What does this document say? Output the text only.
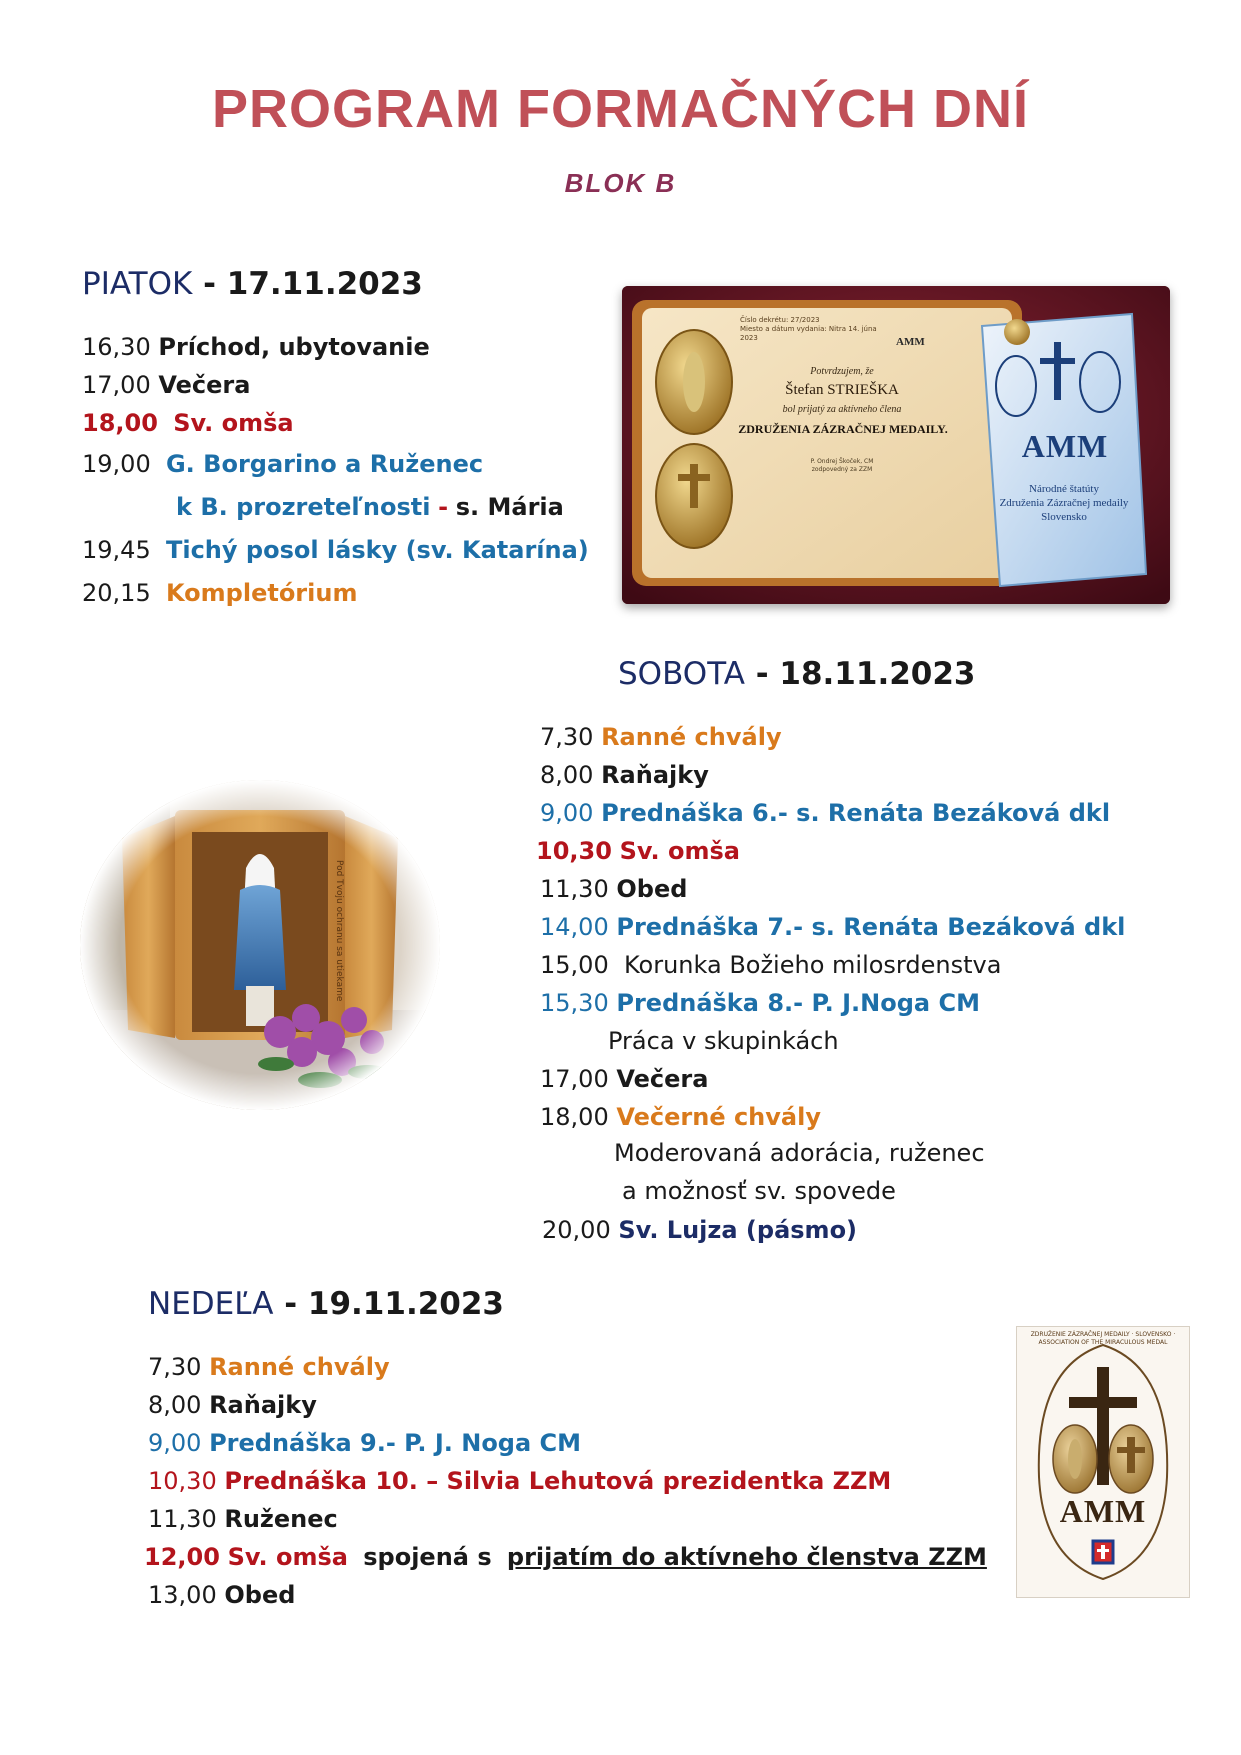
PROGRAM FORMAČNÝCH DNÍ
BLOK B
PIATOK - 17.11.2023
16,30 Príchod, ubytovanie
17,00 Večera
18,00 Sv. omša
19,00 G. Borgarino a Ruženec
k B. prozreteľnosti - s. Mária
19,45 Tichý posol lásky (sv. Katarína)
20,15 Kompletórium
Číslo dekrétu: 27/2023
Miesto a dátum vydania: Nitra 14. júna 2023	AMM
Potvrdzujem, že
Štefan STRIEŠKA
bol prijatý za aktívneho člena
ZDRUŽENIA ZÁZRAČNEJ MEDAILY.
P. Ondrej Škoček, CM
zodpovedný za ZZM
AMM
Národné štatúty
Združenia Zázračnej medaily
Slovensko
SOBOTA - 18.11.2023
7,30 Ranné chvály
8,00 Raňajky
9,00 Prednáška 6.- s. Renáta Bezáková dkl
10,30 Sv. omša
11,30 Obed
14,00 Prednáška 7.- s. Renáta Bezáková dkl
15,00 Korunka Božieho milosrdenstva
15,30 Prednáška 8.- P. J.Noga CM
Práca v skupinkách
17,00 Večera
18,00 Večerné chvály
Moderovaná adorácia, ruženec
a možnosť sv. spovede
20,00 Sv. Lujza (pásmo)
Pod Tvoju ochranu sa utiekame
NEDEĽA - 19.11.2023
7,30 Ranné chvály
8,00 Raňajky
9,00 Prednáška 9.- P. J. Noga CM
10,30 Prednáška 10. – Silvia Lehutová prezidentka ZZM
11,30 Ruženec
12,00 Sv. omša spojená s prijatím do aktívneho členstva ZZM
13,00 Obed
AMM
ZDRUŽENIE ZÁZRAČNEJ MEDAILY · SLOVENSKO · ASSOCIATION OF THE MIRACULOUS MEDAL
